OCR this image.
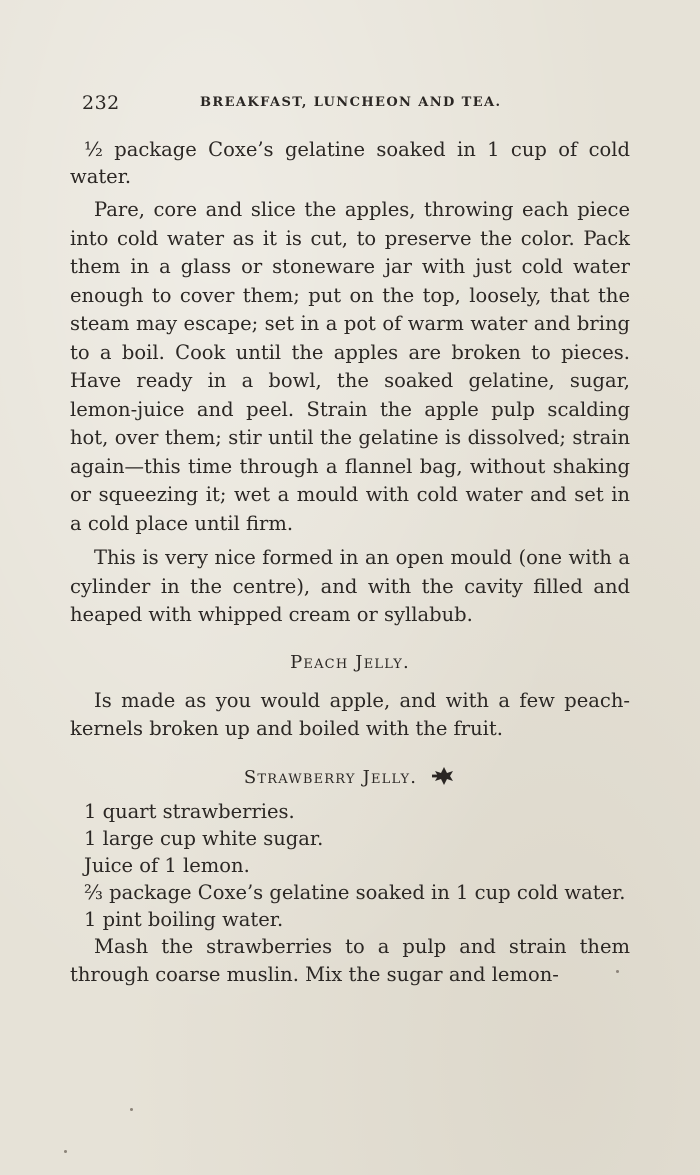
232	BREAKFAST, LUNCHEON AND TEA.

½ package Coxe’s gelatine soaked in 1 cup of cold water.

Pare, core and slice the apples, throwing each piece into cold water as it is cut, to preserve the color. Pack them in a glass or stoneware jar with just cold water enough to cover them; put on the top, loosely, that the steam may escape; set in a pot of warm water and bring to a boil. Cook until the apples are broken to pieces. Have ready in a bowl, the soaked gelatine, sugar, lemon-juice and peel. Strain the apple pulp scalding hot, over them; stir until the gelatine is dissolved; strain again—this time through a flannel bag, without shaking or squeezing it; wet a mould with cold water and set in a cold place until firm.

This is very nice formed in an open mould (one with a cylinder in the centre), and with the cavity filled and heaped with whipped cream or syllabub.

Peach Jelly.

Is made as you would apple, and with a few peach-kernels broken up and boiled with the fruit.

Strawberry Jelly.

1 quart strawberries.

1 large cup white sugar.

Juice of 1 lemon.

⅔ package Coxe’s gelatine soaked in 1 cup cold water.

1 pint boiling water.

Mash the strawberries to a pulp and strain them through coarse muslin. Mix the sugar and lemon-
